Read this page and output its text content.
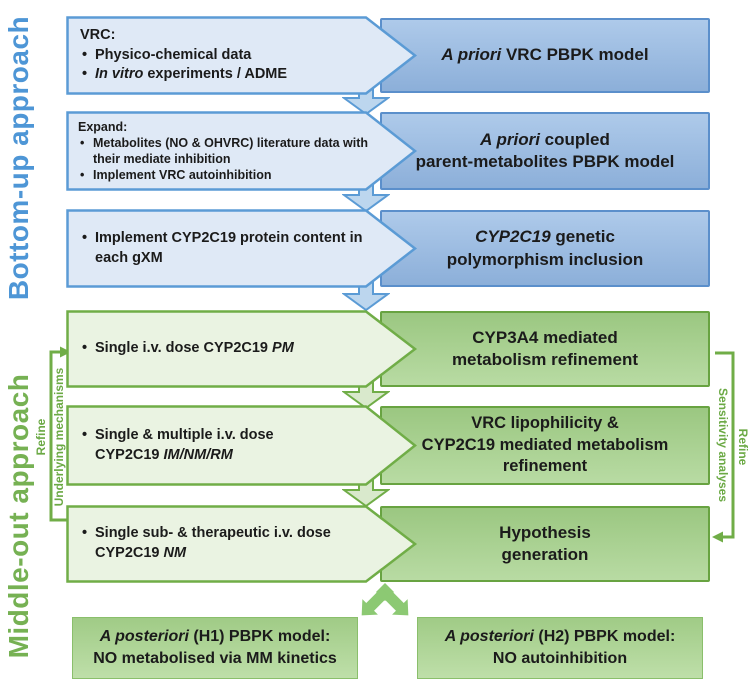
Bottom-up approach
Middle-out approach Refine Underlying mechanisms	Sensitivity analyses Refine
A priori VRC PBPK model
VRC:
• Physico-chemical data
• In vitro experiments / ADME
A priori coupled
parent-metabolites PBPK model
Expand:
• Metabolites (NO & OHVRC) literature data with
their mediate inhibition
• Implement VRC autoinhibition
CYP2C19 genetic
polymorphism inclusion
• Implement CYP2C19 protein content in
each gXM
CYP3A4 mediated
metabolism refinement
• Single i.v. dose CYP2C19 PM
VRC lipophilicity &
CYP2C19 mediated metabolism
refinement
• Single & multiple i.v. dose
CYP2C19 IM/NM/RM
Hypothesis
generation
• Single sub- & therapeutic i.v. dose
CYP2C19 NM
A posteriori (H1) PBPK model:
NO metabolised via MM kinetics
A posteriori (H2) PBPK model:
NO autoinhibition
